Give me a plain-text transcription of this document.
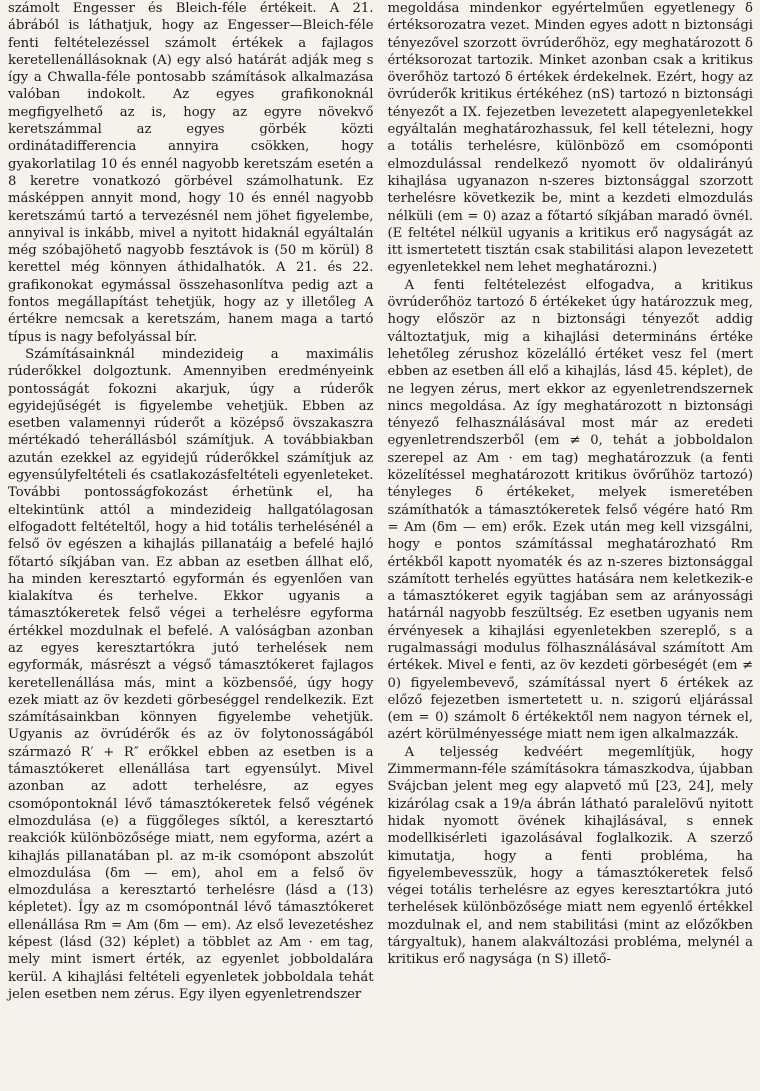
számolt Engesser és Bleich-féle értékeit. A 21. ábrából is láthatjuk, hogy az Engesser—Bleich-féle fenti feltételezéssel számolt értékek a fajlagos keretellenállásoknak (A) egy alsó határát adják meg s így a Chwalla-féle pontosabb számítások alkalmazása valóban indokolt. Az egyes grafikonoknál megfigyelhető az is, hogy az egyre növekvő keretszámmal az egyes görbék közti ordinátadifferencia annyira csökken, hogy gyakorlatilag 10 és ennél nagyobb keretszám esetén a 8 keretre vonatkozó görbével számolhatunk. Ez másképpen annyit mond, hogy 10 és ennél nagyobb keretszámú tartó a tervezésnél nem jöhet figyelembe, annyival is inkább, mivel a nyitott hidaknál egyáltalán még szóbajöhető nagyobb fesztávok is (50 m körül) 8 kerettel még könnyen áthidalhatók. A 21. és 22. grafikonokat egymással összehasonlítva pedig azt a fontos megállapítást tehetjük, hogy az y illetőleg A értékre nemcsak a keretszám, hanem maga a tartó típus is nagy befolyással bír.

Számításainknál mindezideig a maximális rúderőkkel dolgoztunk. Amennyiben eredményeink pontosságát fokozni akarjuk, úgy a rúderők egyidejűségét is figyelembe vehetjük. Ebben az esetben valamennyi rúderőt a középső övszakaszra mértékadó teherállásból számítjuk. A továbbiakban azután ezekkel az egyidejű rúderőkkel számítjuk az egyensúlyfeltételi és csatlakozásfeltételi egyenleteket. További pontosságfokozást érhetünk el, ha eltekintünk attól a mindezideig hallgatólagosan elfogadott feltételtől, hogy a hid totális terhelésénél a felső öv egészen a kihajlás pillanatáig a befelé hajló főtartó síkjában van. Ez abban az esetben állhat elő, ha minden keresztartó egyformán és egyenlően van kialakítva és terhelve. Ekkor ugyanis a támasztókeretek felső végei a terhelésre egyforma értékkel mozdulnak el befelé. A valóságban azonban az egyes keresztartókra jutó terhelések nem egyformák, másrészt a végső támasztókeret fajlagos keretellenállása más, mint a közbensőé, úgy hogy ezek miatt az öv kezdeti görbeséggel rendelkezik. Ezt számításainkban könnyen figyelembe vehetjük. Ugyanis az övrúdérők és az öv folytonosságából származó R′ + R″ erőkkel ebben az esetben is a támasztókeret ellenállása tart egyensúlyt. Mivel azonban az adott terhelésre, az egyes csomópontoknál lévő támasztókeretek felső végének elmozdulása (e) a függőleges síktól, a keresztartó reakciók különbözősége miatt, nem egyforma, azért a kihajlás pillanatában pl. az m-ik csomópont abszolút elmozdulása (δm — em), ahol em a felső öv elmozdulása a keresztartó terhelésre (lásd a (13) képletet). Így az m csomópontnál lévő támasztókeret ellenállása Rm = Am (δm — em). Az első levezetéshez képest (lásd (32) képlet) a többlet az Am · em tag, mely mint ismert érték, az egyenlet jobboldalára kerül. A kihajlási feltételi egyenletek jobboldala tehát jelen esetben nem zérus. Egy ilyen egyenletrendszer

megoldása mindenkor egyértelműen egyetlenegy δ értéksorozatra vezet. Minden egyes adott n biztonsági tényezővel szorzott övrúderőhöz, egy meghatározott δ értéksorozat tartozik. Minket azonban csak a kritikus överőhöz tartozó δ értékek érdekelnek. Ezért, hogy az övrúderők kritikus értékéhez (nS) tartozó n biztonsági tényezőt a IX. fejezetben levezetett alapegyenletekkel egyáltalán meghatározhassuk, fel kell tételezni, hogy a totális terhelésre, különböző em csomóponti elmozdulással rendelkező nyomott öv oldalirányú kihajlása ugyanazon n-szeres biztonsággal szorzott terhelésre következik be, mint a kezdeti elmozdulás nélküli (em = 0) azaz a főtartó síkjában maradó övnél. (E feltétel nélkül ugyanis a kritikus erő nagyságát az itt ismertetett tisztán csak stabilitási alapon levezetett egyenletekkel nem lehet meghatározni.)

A fenti feltételezést elfogadva, a kritikus övrúderőhöz tartozó δ értékeket úgy határozzuk meg, hogy először az n biztonsági tényezőt addig változtatjuk, mig a kihajlási determináns értéke lehetőleg zérushoz közelálló értéket vesz fel (mert ebben az esetben áll elő a kihajlás, lásd 45. képlet), de ne legyen zérus, mert ekkor az egyenletrendszernek nincs megoldása. Az így meghatározott n biztonsági tényező felhasználásával most már az eredeti egyenletrendszerből (em ≠ 0, tehát a jobboldalon szerepel az Am · em tag) meghatározzuk (a fenti közelítéssel meghatározott kritikus övőrűhöz tartozó) tényleges δ értékeket, melyek ismeretében számíthatók a támasztókeretek felső végére ható Rm = Am (δm — em) erők. Ezek után meg kell vizsgálni, hogy e pontos számítással meghatározható Rm értékből kapott nyomaték és az n-szeres biztonsággal számított terhelés együttes hatására nem keletkezik-e a támasztókeret egyik tagjában sem az arányossági határnál nagyobb feszültség. Ez esetben ugyanis nem érvényesek a kihajlási egyenletekben szereplő, s a rugalmassági modulus fölhasználásával számított Am értékek. Mivel e fenti, az öv kezdeti görbeségét (em ≠ 0) figyelembevevő, számítással nyert δ értékek az előző fejezetben ismertetett u. n. szigorú eljárással (em = 0) számolt δ értékektől nem nagyon térnek el, azért körülményessége miatt nem igen alkalmazzák.

A teljesség kedvéért megemlítjük, hogy Zimmermann-féle számításokra támaszkodva, újabban Svájcban jelent meg egy alapvető mű [23, 24], mely kizárólag csak a 19/a ábrán látható paralelövű nyitott hidak nyomott övének kihajlásával, s ennek modellkisérleti igazolásával foglalkozik. A szerző kimutatja, hogy a fenti probléma, ha figyelembevesszük, hogy a támasztókeretek felső végei totális terhelésre az egyes keresztartókra jutó terhelések különbözősége miatt nem egyenlő értékkel mozdulnak el, and nem stabilitási (mint az előzőkben tárgyaltuk), hanem alakváltozási probléma, melynél a kritikus erő nagysága (n S) illető-
